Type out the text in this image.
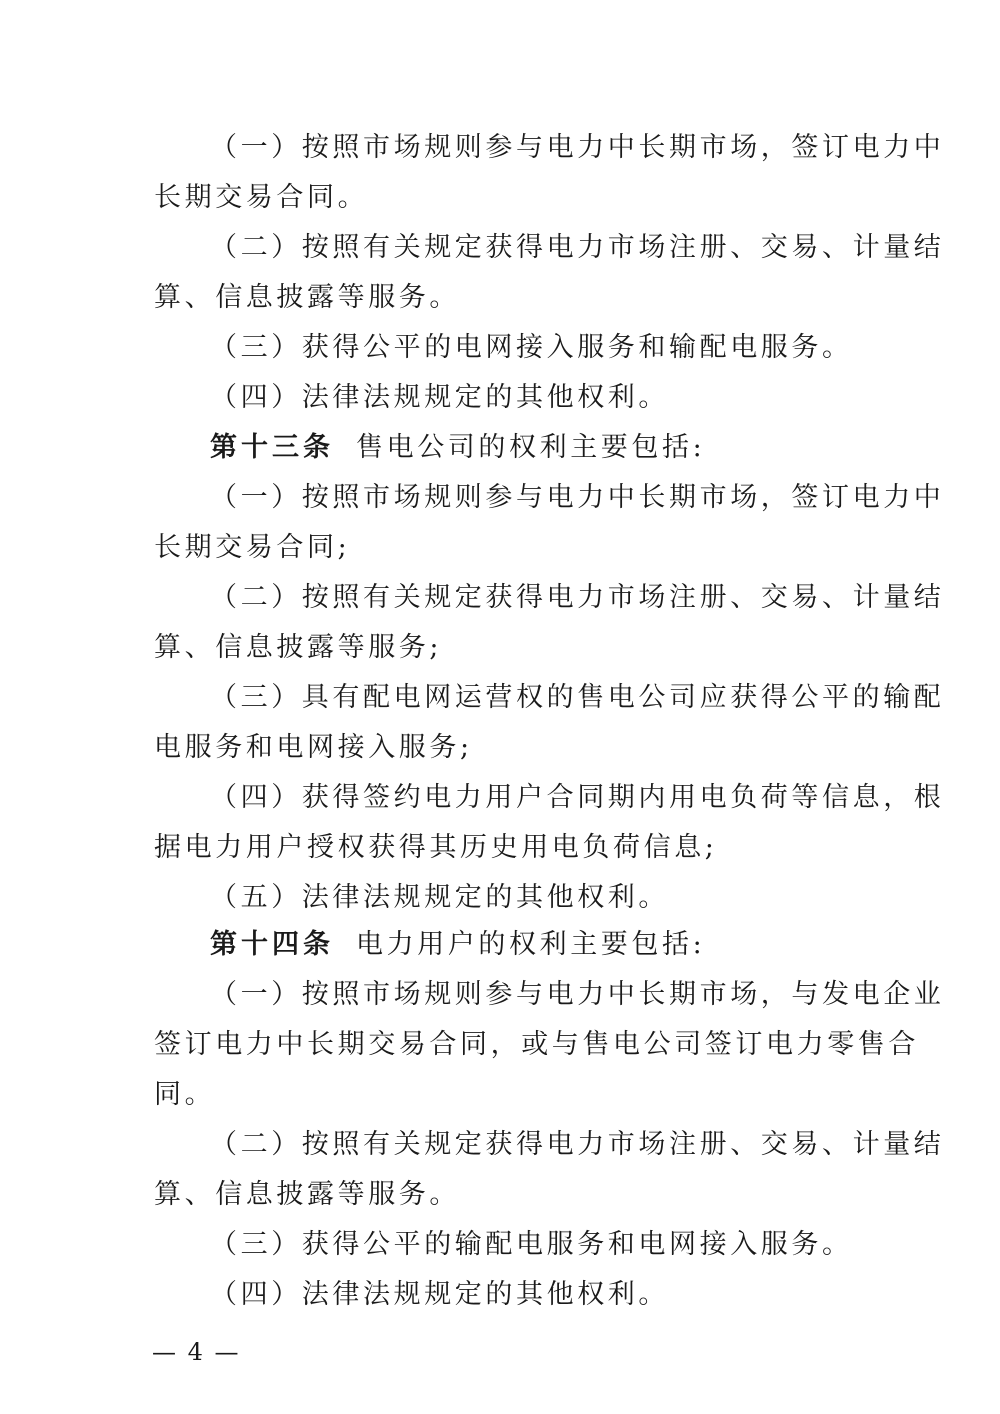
（一）按照市场规则参与电力中长期市场，签订电力中
长期交易合同。
（二）按照有关规定获得电力市场注册、交易、计量结
算、信息披露等服务。
（三）获得公平的电网接入服务和输配电服务。
（四）法律法规规定的其他权利。
第十三条 售电公司的权利主要包括:
（一）按照市场规则参与电力中长期市场，签订电力中
长期交易合同;
（二）按照有关规定获得电力市场注册、交易、计量结
算、信息披露等服务;
（三）具有配电网运营权的售电公司应获得公平的输配
电服务和电网接入服务;
（四）获得签约电力用户合同期内用电负荷等信息，根
据电力用户授权获得其历史用电负荷信息;
（五）法律法规规定的其他权利。
第十四条 电力用户的权利主要包括:
（一）按照市场规则参与电力中长期市场，与发电企业
签订电力中长期交易合同，或与售电公司签订电力零售合
同。
（二）按照有关规定获得电力市场注册、交易、计量结
算、信息披露等服务。
（三）获得公平的输配电服务和电网接入服务。
（四）法律法规规定的其他权利。
— 4 —
